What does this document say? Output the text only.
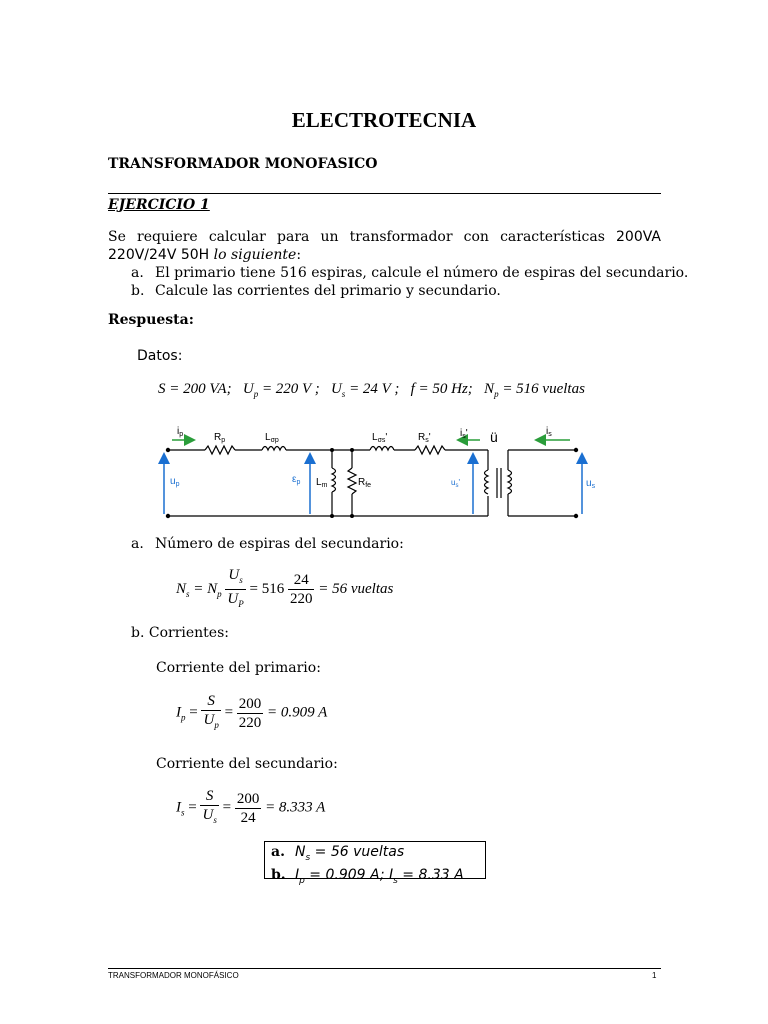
ELECTROTECNIA
TRANSFORMADOR MONOFASICO
EJERCICIO 1
Se requiere calcular para un transformador con características 200VA 220V/24V 50H lo siguiente:
a. El primario tiene 516 espiras, calcule el número de espiras del secundario.
b. Calcule las corrientes del primario y secundario.
Respuesta:
Datos:
S = 200 VA; $U_p = 220$ V ; $U_s = 24$ V ; f = 50 Hz; $N_p = 516$ vueltas
$i_p$	$R_p$	$L_{\sigma p}$	$L_{\sigma s}'$	$R_s'$	$i_s'$ ü	$i_s$
$u_p$	$\varepsilon_p$ $L_m$	$R_{fe}$	$u_s'$	$u_s$
a. Número de espiras del secundario:
$N_s = N_p \frac{U_s}{U_P} = 516 \frac{24}{220} = 56$ vueltas
b. Corrientes:
Corriente del primario:
$I_p = \frac{S}{U_p} = \frac{200}{220} = 0.909$ A
Corriente del secundario:
$I_s = \frac{S}{U_s} = \frac{200}{24} = 8.333$ A
a. $N_s = 56$ vueltas
b. $I_p = 0.909$ A; $I_s = 8.33$ A
TRANSFORMADOR MONOFÁSICO	1
